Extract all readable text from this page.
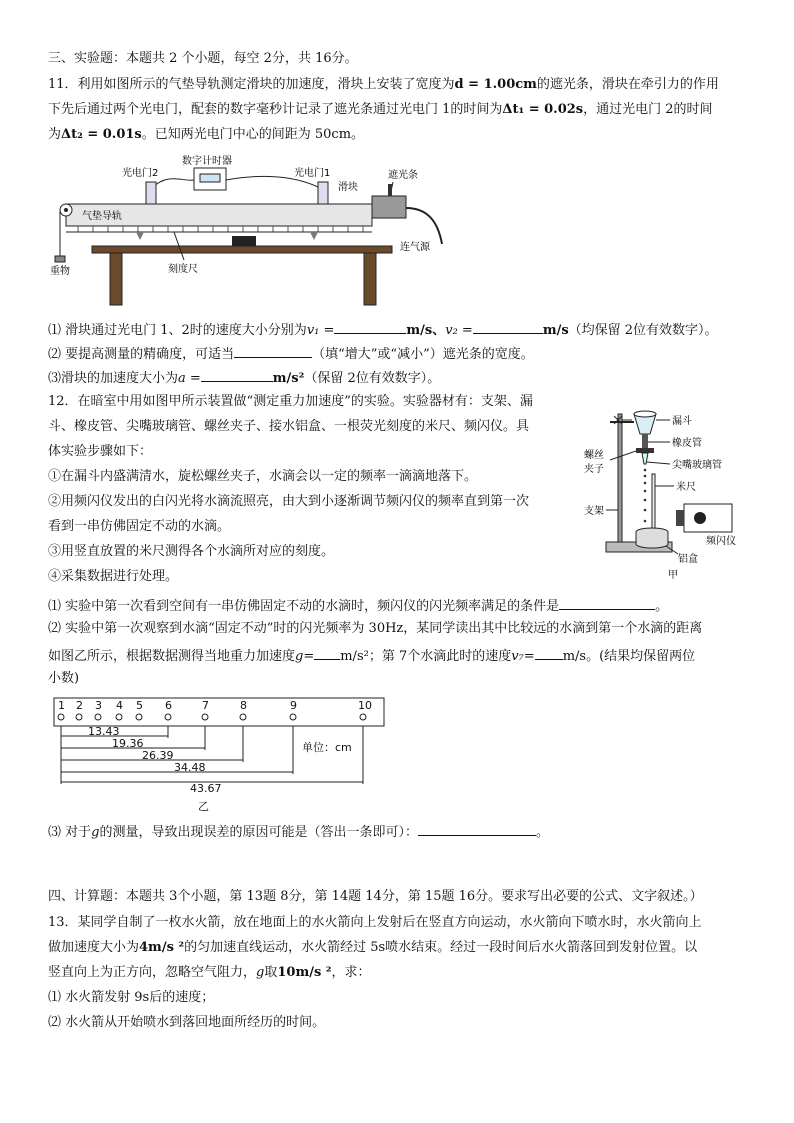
三、实验题：本题共 2 个小题，每空 2分，共 16分。
11．利用如图所示的气垫导轨测定滑块的加速度，滑块上安装了宽度为d = 1.00cm的遮光条，滑块在牵引力的作用
下先后通过两个光电门，配套的数字毫秒计记录了遮光条通过光电门 1的时间为Δt₁ = 0.02s，通过光电门 2的时间
为Δt₂ = 0.01s。已知两光电门中心的间距为 50cm。
数字计时器
光电门2	光电门1	遮光条
滑块
气垫导轨
连气源
重物	刻度尺
⑴ 滑块通过光电门 1、2时的速度大小分别为v₁ =	m/s、v₂ =	m/s（均保留 2位有效数字）。
⑵ 要提高测量的精确度，可适当	（填“增大”或“减小”）遮光条的宽度。
⑶滑块的加速度大小为a =	m/s²（保留 2位有效数字）。
12．在暗室中用如图甲所示装置做“测定重力加速度”的实验。实验器材有：支架、漏
斗、橡皮管、尖嘴玻璃管、螺丝夹子、接水铝盒、一根荧光刻度的米尺、频闪仪。具
体实验步骤如下：
①在漏斗内盛满清水，旋松螺丝夹子，水滴会以一定的频率一滴滴地落下。
②用频闪仪发出的白闪光将水滴流照亮，由大到小逐渐调节频闪仪的频率直到第一次
看到一串仿佛固定不动的水滴。
③用竖直放置的米尺测得各个水滴所对应的刻度。
④采集数据进行处理。
漏斗
橡皮管
螺丝
夹子	尖嘴玻璃管
米尺
支架
铝盒
频闪仪
甲
⑴ 实验中第一次看到空间有一串仿佛固定不动的水滴时，频闪仪的闪光频率满足的条件是	。
⑵ 实验中第一次观察到水滴“固定不动”时的闪光频率为 30Hz，某同学读出其中比较远的水滴到第一个水滴的距离
如图乙所示，根据数据测得当地重力加速度g= m/s²；第 7个水滴此时的速度v₇= m/s。(结果均保留两位
小数)
1 2 3 4 5 6	7	8	9	10
13.43
19.36
26.39
34.48
43.67
单位：cm
乙
⑶ 对于g的测量，导致出现误差的原因可能是（答出一条即可）：	。
四、计算题：本题共 3个小题，第 13题 8分，第 14题 14分，第 15题 16分。要求写出必要的公式、文字叙述。）
13．某同学自制了一枚水火箭，放在地面上的水火箭向上发射后在竖直方向运动，水火箭向下喷水时，水火箭向上
做加速度大小为4m/s ²的匀加速直线运动，水火箭经过 5s喷水结束。经过一段时间后水火箭落回到发射位置。以
竖直向上为正方向，忽略空气阻力，g取10m/s ²，求：
⑴ 水火箭发射 9s后的速度；
⑵ 水火箭从开始喷水到落回地面所经历的时间。
